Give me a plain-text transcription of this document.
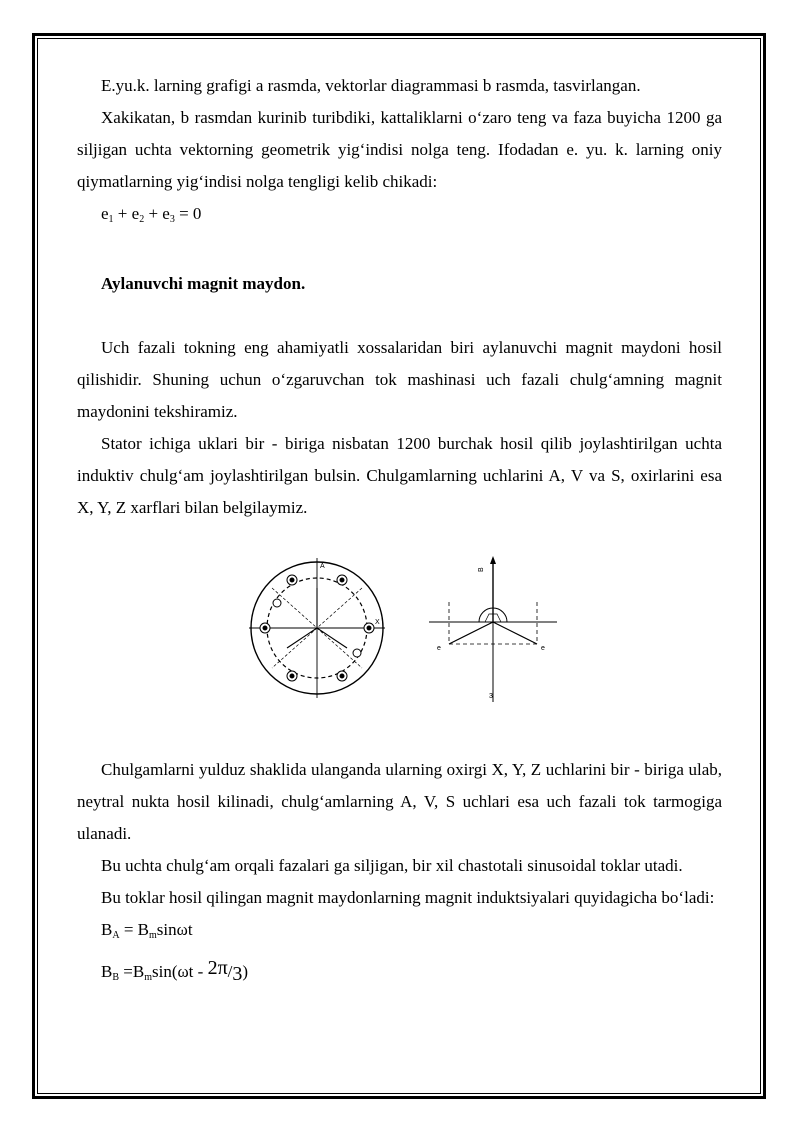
E.yu.k. larning grafigi a rasmda, vektorlar diagrammasi b rasmda, tasvirlangan.

Xakikatan, b rasmdan kurinib turibdiki, kattaliklarni o‘zaro teng va faza buyicha 1200 ga siljigan uchta vektorning geometrik yig‘indisi nolga teng. Ifodadan e. yu. k. larning oniy qiymatlarning yig‘indisi nolga tengligi kelib chikadi:

$e_1 + e_2 + e_3 = 0$

Aylanuvchi magnit maydon.

Uch fazali tokning eng ahamiyatli xossalaridan biri aylanuvchi magnit maydoni hosil qilishidir. Shuning uchun o‘zgaruvchan tok mashinasi uch fazali chulg‘amning magnit maydonini tekshiramiz.

Stator ichiga uklari bir - biriga nisbatan 1200 burchak hosil qilib joylashtirilgan uchta induktiv chulg‘am joylashtirilgan bulsin. Chulgamlarning uchlarini A, V va S, oxirlarini esa X, Y, Z xarflari bilan belgilaymiz.

A
X
B
e	e
3

Chulgamlarni yulduz shaklida ulanganda ularning oxirgi X, Y, Z uchlarini bir - biriga ulab, neytral nukta hosil kilinadi, chulg‘amlarning A, V, S uchlari esa uch fazali tok tarmogiga ulanadi.

Bu uchta chulg‘am orqali fazalari ga siljigan, bir xil chastotali sinusoidal toklar utadi.

Bu toklar hosil qilingan magnit maydonlarning magnit induktsiyalari quyidagicha bo‘ladi:

$B_A = B_m\sin\omega t$

$B_B =B_m\sin(\omega t - 2\pi/3)$
